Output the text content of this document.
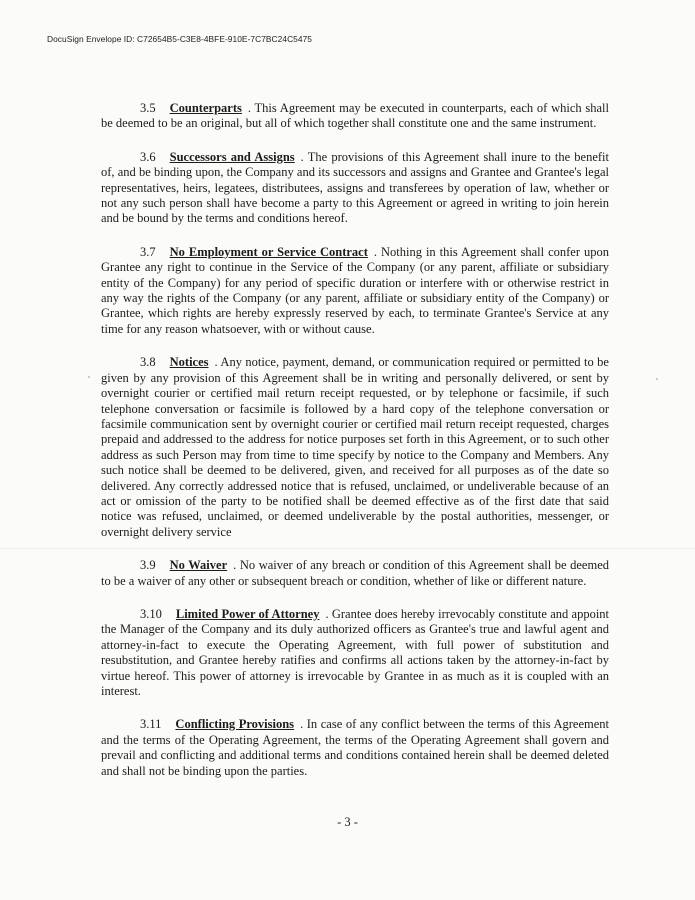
DocuSign Envelope ID: C72654B5-C3E8-4BFE-910E-7C7BC24C5475

3.5 Counterparts . This Agreement may be executed in counterparts, each of which shall be deemed to be an original, but all of which together shall constitute one and the same instrument.

3.6 Successors and Assigns . The provisions of this Agreement shall inure to the benefit of, and be binding upon, the Company and its successors and assigns and Grantee and Grantee's legal representatives, heirs, legatees, distributees, assigns and transferees by operation of law, whether or not any such person shall have become a party to this Agreement or agreed in writing to join herein and be bound by the terms and conditions hereof.

3.7 No Employment or Service Contract . Nothing in this Agreement shall confer upon Grantee any right to continue in the Service of the Company (or any parent, affiliate or subsidiary entity of the Company) for any period of specific duration or interfere with or otherwise restrict in any way the rights of the Company (or any parent, affiliate or subsidiary entity of the Company) or Grantee, which rights are hereby expressly reserved by each, to terminate Grantee's Service at any time for any reason whatsoever, with or without cause.

3.8 Notices . Any notice, payment, demand, or communication required or permitted to be given by any provision of this Agreement shall be in writing and personally delivered, or sent by overnight courier or certified mail return receipt requested, or by telephone or facsimile, if such telephone conversation or facsimile is followed by a hard copy of the telephone conversation or facsimile communication sent by overnight courier or certified mail return receipt requested, charges prepaid and addressed to the address for notice purposes set forth in this Agreement, or to such other address as such Person may from time to time specify by notice to the Company and Members. Any such notice shall be deemed to be delivered, given, and received for all purposes as of the date so delivered. Any correctly addressed notice that is refused, unclaimed, or undeliverable because of an act or omission of the party to be notified shall be deemed effective as of the first date that said notice was refused, unclaimed, or deemed undeliverable by the postal authorities, messenger, or overnight delivery service

3.9 No Waiver . No waiver of any breach or condition of this Agreement shall be deemed to be a waiver of any other or subsequent breach or condition, whether of like or different nature.

3.10 Limited Power of Attorney . Grantee does hereby irrevocably constitute and appoint the Manager of the Company and its duly authorized officers as Grantee's true and lawful agent and attorney-in-fact to execute the Operating Agreement, with full power of substitution and resubstitution, and Grantee hereby ratifies and confirms all actions taken by the attorney-in-fact by virtue hereof. This power of attorney is irrevocable by Grantee in as much as it is coupled with an interest.

3.11 Conflicting Provisions . In case of any conflict between the terms of this Agreement and the terms of the Operating Agreement, the terms of the Operating Agreement shall govern and prevail and conflicting and additional terms and conditions contained herein shall be deemed deleted and shall not be binding upon the parties.

- 3 -
